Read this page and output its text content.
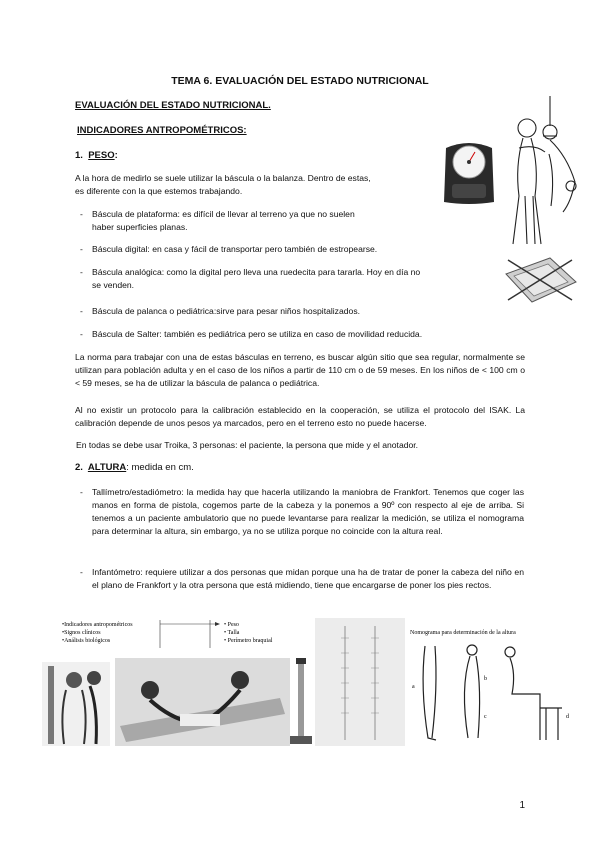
TEMA 6. EVALUACIÓN DEL ESTADO NUTRICIONAL
EVALUACIÓN DEL ESTADO NUTRICIONAL.
INDICADORES ANTROPOMÉTRICOS:
1. PESO:
A la hora de medirlo se suele utilizar la báscula o la balanza. Dentro de estas,
es diferente con la que estemos trabajando.
- Báscula de plataforma: es difícil de llevar al terreno ya que no suelen
haber superficies planas.
- Báscula digital: en casa y fácil de transportar pero también de estropearse.
- Báscula analógica: como la digital pero lleva una ruedecita para tararla. Hoy en día no
se venden.
- Báscula de palanca o pediátrica:sirve para pesar niños hospitalizados.
- Báscula de Salter: también es pediátrica pero se utiliza en caso de movilidad reducida.
La norma para trabajar con una de estas básculas en terreno, es buscar algún sitio que sea regular, normalmente se utilizan para población adulta y en el caso de los niños a partir de 110 cm o de 59 meses. En los niños de < 100 cm o < 59 meses, se ha de utilizar la báscula de palanca o pediátrica.
Al no existir un protocolo para la calibración establecido en la cooperación, se utiliza el protocolo del ISAK. La calibración depende de unos pesos ya marcados, pero en el terreno esto no puede hacerse.
En todas se debe usar Troika, 3 personas: el paciente, la persona que mide y el anotador.
2. ALTURA: medida en cm.
- Tallímetro/estadiómetro: la medida hay que hacerla utilizando la maniobra de Frankfort. Tenemos que coger las manos en forma de pistola, cogemos parte de la cabeza y la ponemos a 90º con respecto al eje de arriba. Si tenemos a un paciente ambulatorio que no puede levantarse para realizar la medición, se utiliza el nomograma para determinar la altura, sin embargo, ya no se utiliza porque no coincide con la altura real.
- Infantómetro: requiere utilizar a dos personas que midan porque una ha de tratar de poner la cabeza del niño en el plano de Frankfort y la otra persona que está midiendo, tiene que encargarse de poner los pies rectos.
•Indicadores antropométricos
•Signos clínicos
•Análisis biológicos
• Peso
• Talla
• Perímetro braquial
Nomograma para determinación de la altura
a
b
c	d
1
